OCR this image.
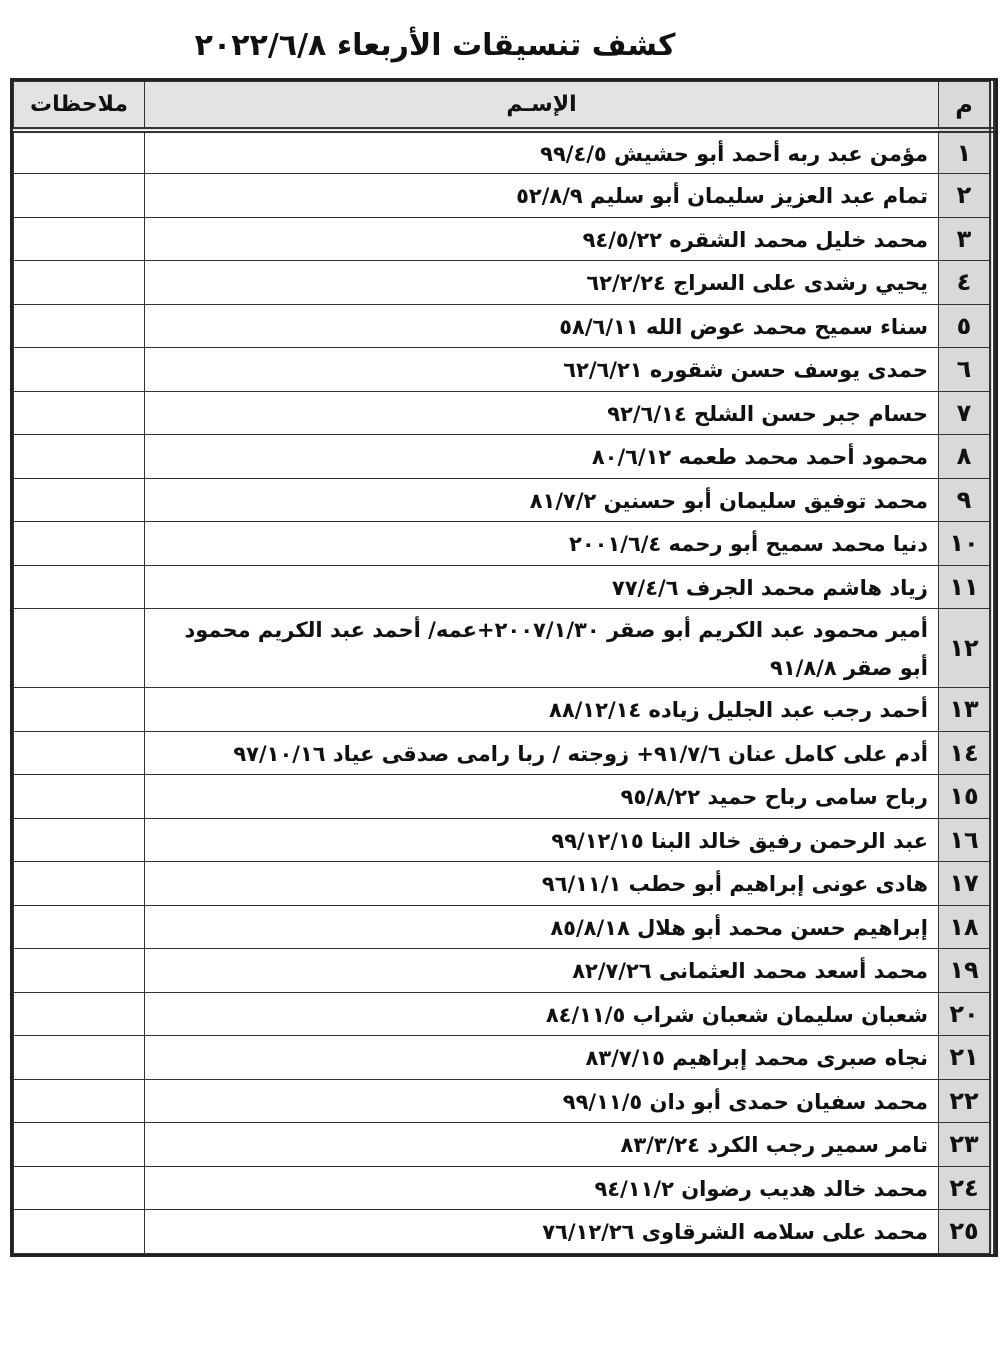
كشف تنسيقات الأربعاء ٢٠٢٢/٦/٨
م	الإسـم	ملاحظات
١	مؤمن عبد ربه أحمد أبو حشيش ٩٩/٤/٥	
٢	تمام عبد العزيز سليمان أبو سليم ٥٢/٨/٩	
٣	محمد خليل محمد الشقره ٩٤/٥/٢٢	
٤	يحيي رشدى على السراج ٦٢/٢/٢٤	
٥	سناء سميح محمد عوض الله ٥٨/٦/١١	
٦	حمدى يوسف حسن شقوره ٦٢/٦/٢١	
٧	حسام جبر حسن الشلح ٩٢/٦/١٤	
٨	محمود أحمد محمد طعمه ٨٠/٦/١٢	
٩	محمد توفيق سليمان أبو حسنين ٨١/٧/٢	
١٠	دنيا محمد سميح أبو رحمه ٢٠٠١/٦/٤	
١١	زياد هاشم محمد الجرف ٧٧/٤/٦	
١٢	أمير محمود عبد الكريم أبو صقر ٢٠٠٧/١/٣٠+عمه/ أحمد عبد الكريم محمود أبو صقر ٩١/٨/٨	
١٣	أحمد رجب عبد الجليل زياده ٨٨/١٢/١٤	
١٤	أدم على كامل عنان ٩١/٧/٦+ زوجته / ربا رامى صدقى عياد ٩٧/١٠/١٦	
١٥	رباح سامى رباح حميد ٩٥/٨/٢٢	
١٦	عبد الرحمن رفيق خالد البنا ٩٩/١٢/١٥	
١٧	هادى عونى إبراهيم أبو حطب ٩٦/١١/١	
١٨	إبراهيم حسن محمد أبو هلال ٨٥/٨/١٨	
١٩	محمد أسعد محمد العثمانى ٨٢/٧/٢٦	
٢٠	شعبان سليمان شعبان شراب ٨٤/١١/٥	
٢١	نجاه صبرى محمد إبراهيم ٨٣/٧/١٥	
٢٢	محمد سفيان حمدى أبو دان ٩٩/١١/٥	
٢٣	تامر سمير رجب الكرد ٨٣/٣/٢٤	
٢٤	محمد خالد هديب رضوان ٩٤/١١/٢	
٢٥	محمد على سلامه الشرقاوى ٧٦/١٢/٢٦	
